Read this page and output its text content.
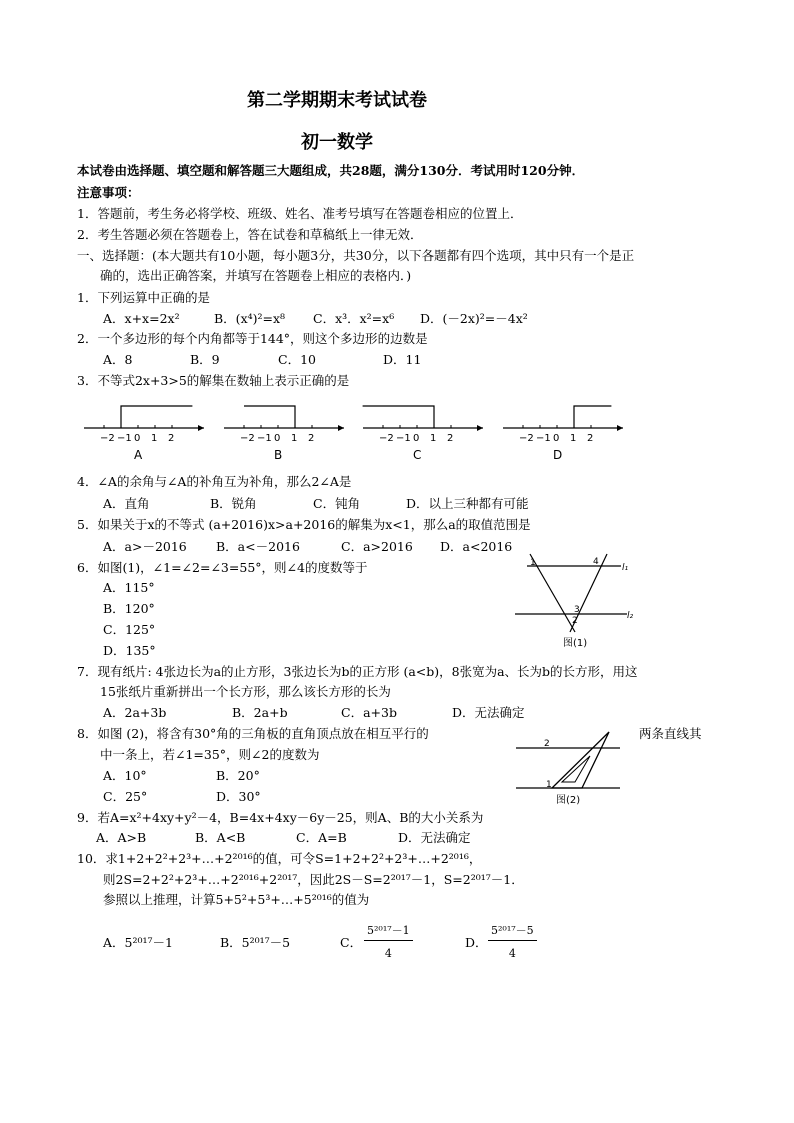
第二学期期末考试试卷
初一数学
本试卷由选择题、填空题和解答题三大题组成，共28题，满分130分．考试用时120分钟．
注意事项：
1．答题前，考生务必将学校、班级、姓名、准考号填写在答题卷相应的位置上．
2．考生答题必须在答题卷上，答在试卷和草稿纸上一律无效．
一、选择题：(本大题共有10小题，每小题3分，共30分，以下各题都有四个选项，其中只有一个是正
确的，选出正确答案，并填写在答题卷上相应的表格内．)
1．下列运算中正确的是
A．x+x=2x²	B．(x⁴)²=x⁸ C．x³．x²=x⁶ D．(－2x)²=－4x²
2．一个多边形的每个内角都等于144°，则这个多边形的边数是
A．8	B．9	C．10	D．11
3．不等式2x+3>5的解集在数轴上表示正确的是
−2 −1 0 1 2
A
−2 −1 0 1 2
B
−2 −1 0 1 2
C
−2 −1 0 1 2
D
4．∠A的余角与∠A的补角互为补角，那么2∠A是
A．直角	B．锐角	C．钝角	D．以上三种都有可能
5．如果关于x的不等式 (a+2016)x>a+2016的解集为x<1，那么a的取值范围是
A．a>－2016 B．a<－2016	C．a>2016 D．a<2016
6．如图(1)，∠1=∠2=∠3=55°，则∠4的度数等于
A．115°
B．120°
C．125°
D．135°
1	4
3
2
l₁
l₂
图(1)
7．现有纸片: 4张边长为a的止方形，3张边长为b的正方形 (a<b)，8张宽为a、长为b的长方形，用这
15张纸片重新拼出一个长方形，那么该长方形的长为
A．2a+3b	B．2a+b	C．a+3b	D．无法确定
8．如图 (2)，将含有30°角的三角板的直角顶点放在相互平行的	两条直线其
中一条上，若∠1=35°，则∠2的度数为
A．10°	B．20°
C．25°	D．30°
2
1
图(2)
9．若A=x²+4xy+y²－4，B=4x+4xy－6y－25，则A、B的大小关系为
A．A>B	B．A<B	C．A=B	D．无法确定
10．求1+2+2²+2³+…+2²⁰¹⁶的值，可令S=1+2+2²+2³+…+2²⁰¹⁶，
则2S=2+2²+2³+…+2²⁰¹⁶+2²⁰¹⁷，因此2S－S=2²⁰¹⁷－1，S=2²⁰¹⁷－1．
参照以上推理，计算5+5²+5³+…+5²⁰¹⁶的值为
A．5²⁰¹⁷－1	B．5²⁰¹⁷－5	C． $\frac{\text{5²⁰¹⁷－1}}{4}$	D． $\frac{\text{5²⁰¹⁷－5}}{4}$
